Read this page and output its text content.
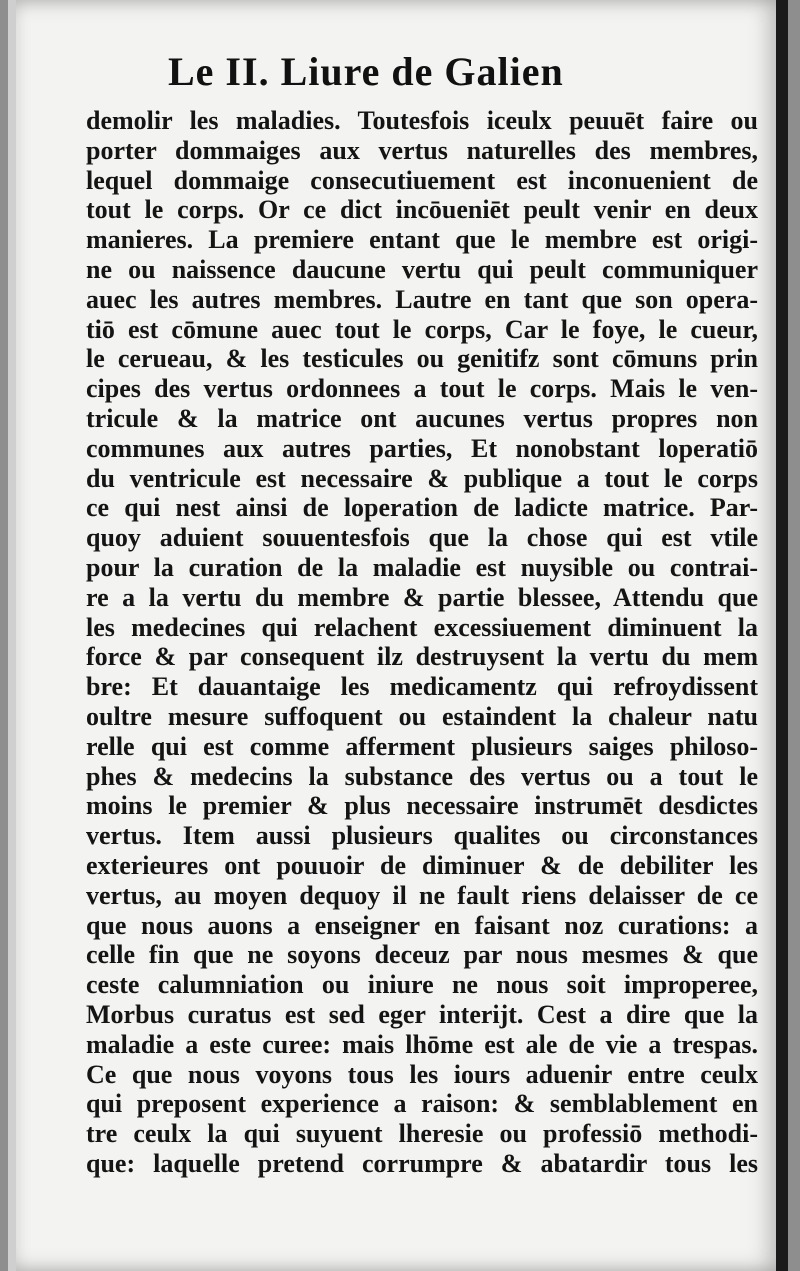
Le II. Liure de Galien
demolir les maladies. Toutesfois iceulx peuuēt faire ou
porter dommaiges aux vertus naturelles des membres,
lequel dommaige consecutiuement est inconuenient de
tout le corps. Or ce dict incōueniēt peult venir en deux
manieres. La premiere entant que le membre est origi-
ne ou naissence daucune vertu qui peult communiquer
auec les autres membres. Lautre en tant que son opera-
tiō est cōmune auec tout le corps, Car le foye, le cueur,
le cerueau, & les testicules ou genitifz sont cōmuns prin
cipes des vertus ordonnees a tout le corps. Mais le ven-
tricule & la matrice ont aucunes vertus propres non
communes aux autres parties, Et nonobstant loperatiō
du ventricule est necessaire & publique a tout le corps
ce qui nest ainsi de loperation de ladicte matrice. Par-
quoy aduient souuentesfois que la chose qui est vtile
pour la curation de la maladie est nuysible ou contrai-
re a la vertu du membre & partie blessee, Attendu que
les medecines qui relachent excessiuement diminuent la
force & par consequent ilz destruysent la vertu du mem
bre: Et dauantaige les medicamentz qui refroydissent
oultre mesure suffoquent ou estaindent la chaleur natu
relle qui est comme afferment plusieurs saiges philoso-
phes & medecins la substance des vertus ou a tout le
moins le premier & plus necessaire instrumēt desdictes
vertus. Item aussi plusieurs qualites ou circonstances
exterieures ont pouuoir de diminuer & de debiliter les
vertus, au moyen dequoy il ne fault riens delaisser de ce
que nous auons a enseigner en faisant noz curations: a
celle fin que ne soyons deceuz par nous mesmes & que
ceste calumniation ou iniure ne nous soit improperee,
Morbus curatus est sed eger interijt. Cest a dire que la
maladie a este curee: mais lhōme est ale de vie a trespas.
Ce que nous voyons tous les iours aduenir entre ceulx
qui preposent experience a raison: & semblablement en
tre ceulx la qui suyuent lheresie ou professiō methodi-
que: laquelle pretend corrumpre & abatardir tous les
